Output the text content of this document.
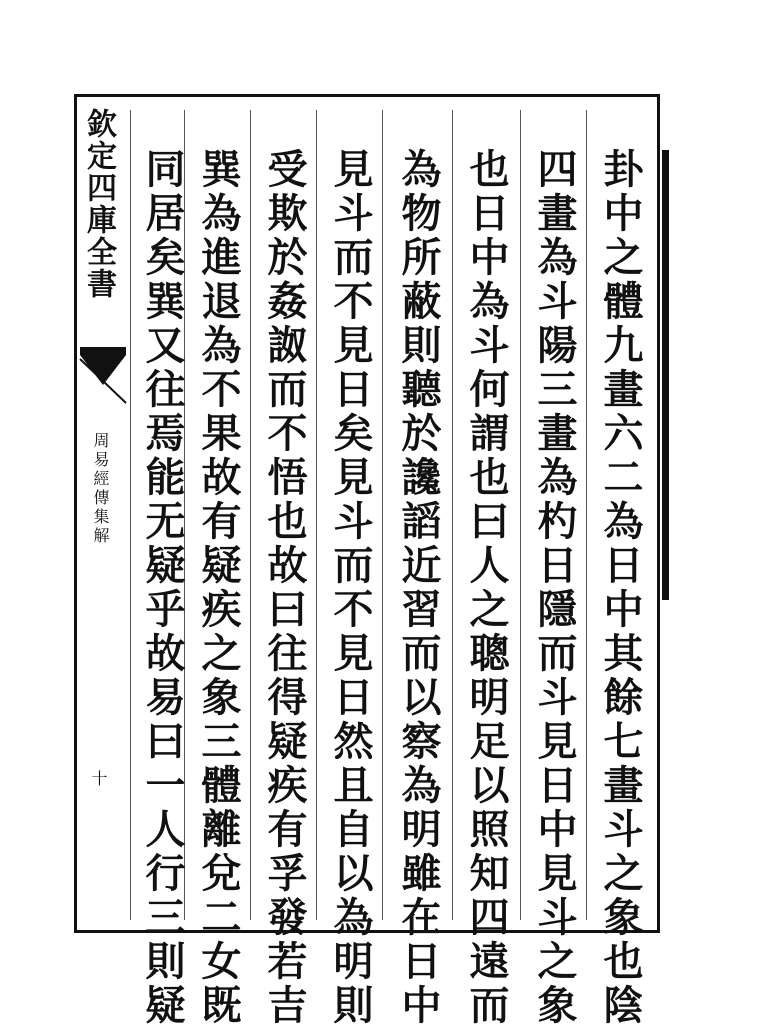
欽定四庫全書
周易經傳集解
十	卦中之體九畫六二為日中其餘七畫斗之象也陰
四畫為斗陽三畫為杓日隱而斗見日中見斗之象
也日中為斗何謂也曰人之聰明足以照知四遠而
為物所蔽則聽於讒謟近習而以察為明雖在日中
見斗而不見日矣見斗而不見日然且自以為明則
受欺於姦詉而不悟也故曰往得疑疾有孚發若吉
巽為進退為不果故有疑疾之象三體離兌二女既
同居矣巽又往焉能无疑乎故易曰一人行三則疑
